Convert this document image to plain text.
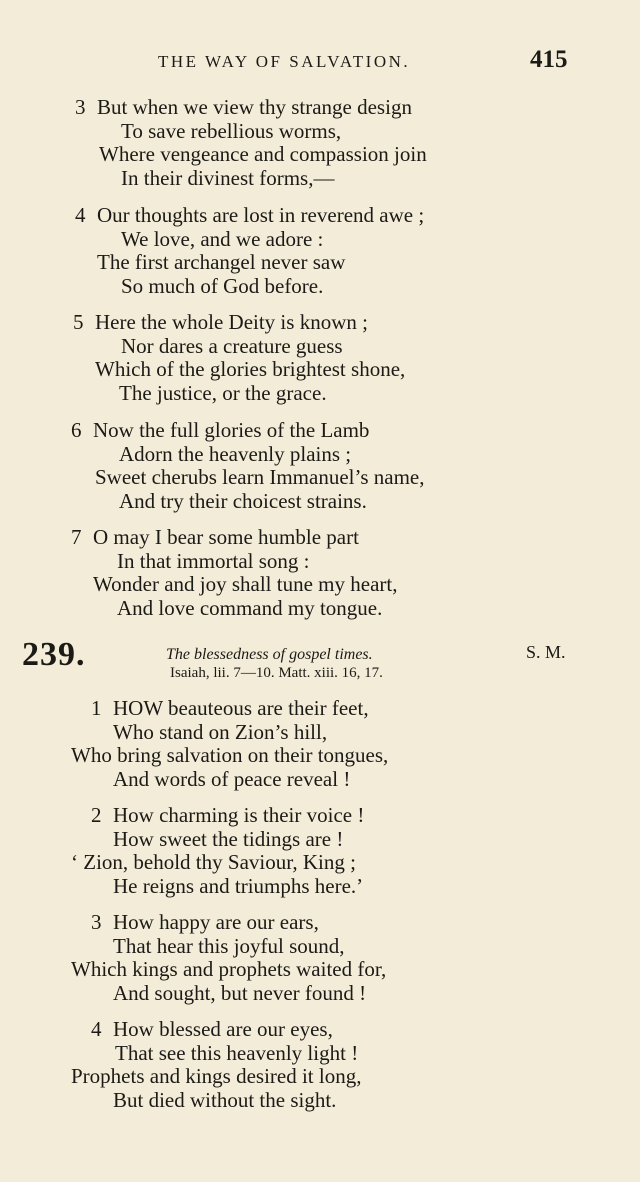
THE WAY OF SALVATION.	415
3 But when we view thy strange design
To save rebellious worms,
Where vengeance and compassion join
In their divinest forms,—
4 Our thoughts are lost in reverend awe ;
We love, and we adore :
The first archangel never saw
So much of God before.
5 Here the whole Deity is known ;
Nor dares a creature guess
Which of the glories brightest shone,
The justice, or the grace.
6 Now the full glories of the Lamb
Adorn the heavenly plains ;
Sweet cherubs learn Immanuel’s name,
And try their choicest strains.
7 O may I bear some humble part
In that immortal song :
Wonder and joy shall tune my heart,
And love command my tongue.
239.	The blessedness of gospel times.	S. M.
Isaiah, lii. 7—10. Matt. xiii. 16, 17.
1 HOW beauteous are their feet,
Who stand on Zion’s hill,
Who bring salvation on their tongues,
And words of peace reveal !
2 How charming is their voice !
How sweet the tidings are !
‘ Zion, behold thy Saviour, King ;
He reigns and triumphs here.’
3 How happy are our ears,
That hear this joyful sound,
Which kings and prophets waited for,
And sought, but never found !
4 How blessed are our eyes,
That see this heavenly light !
Prophets and kings desired it long,
But died without the sight.
